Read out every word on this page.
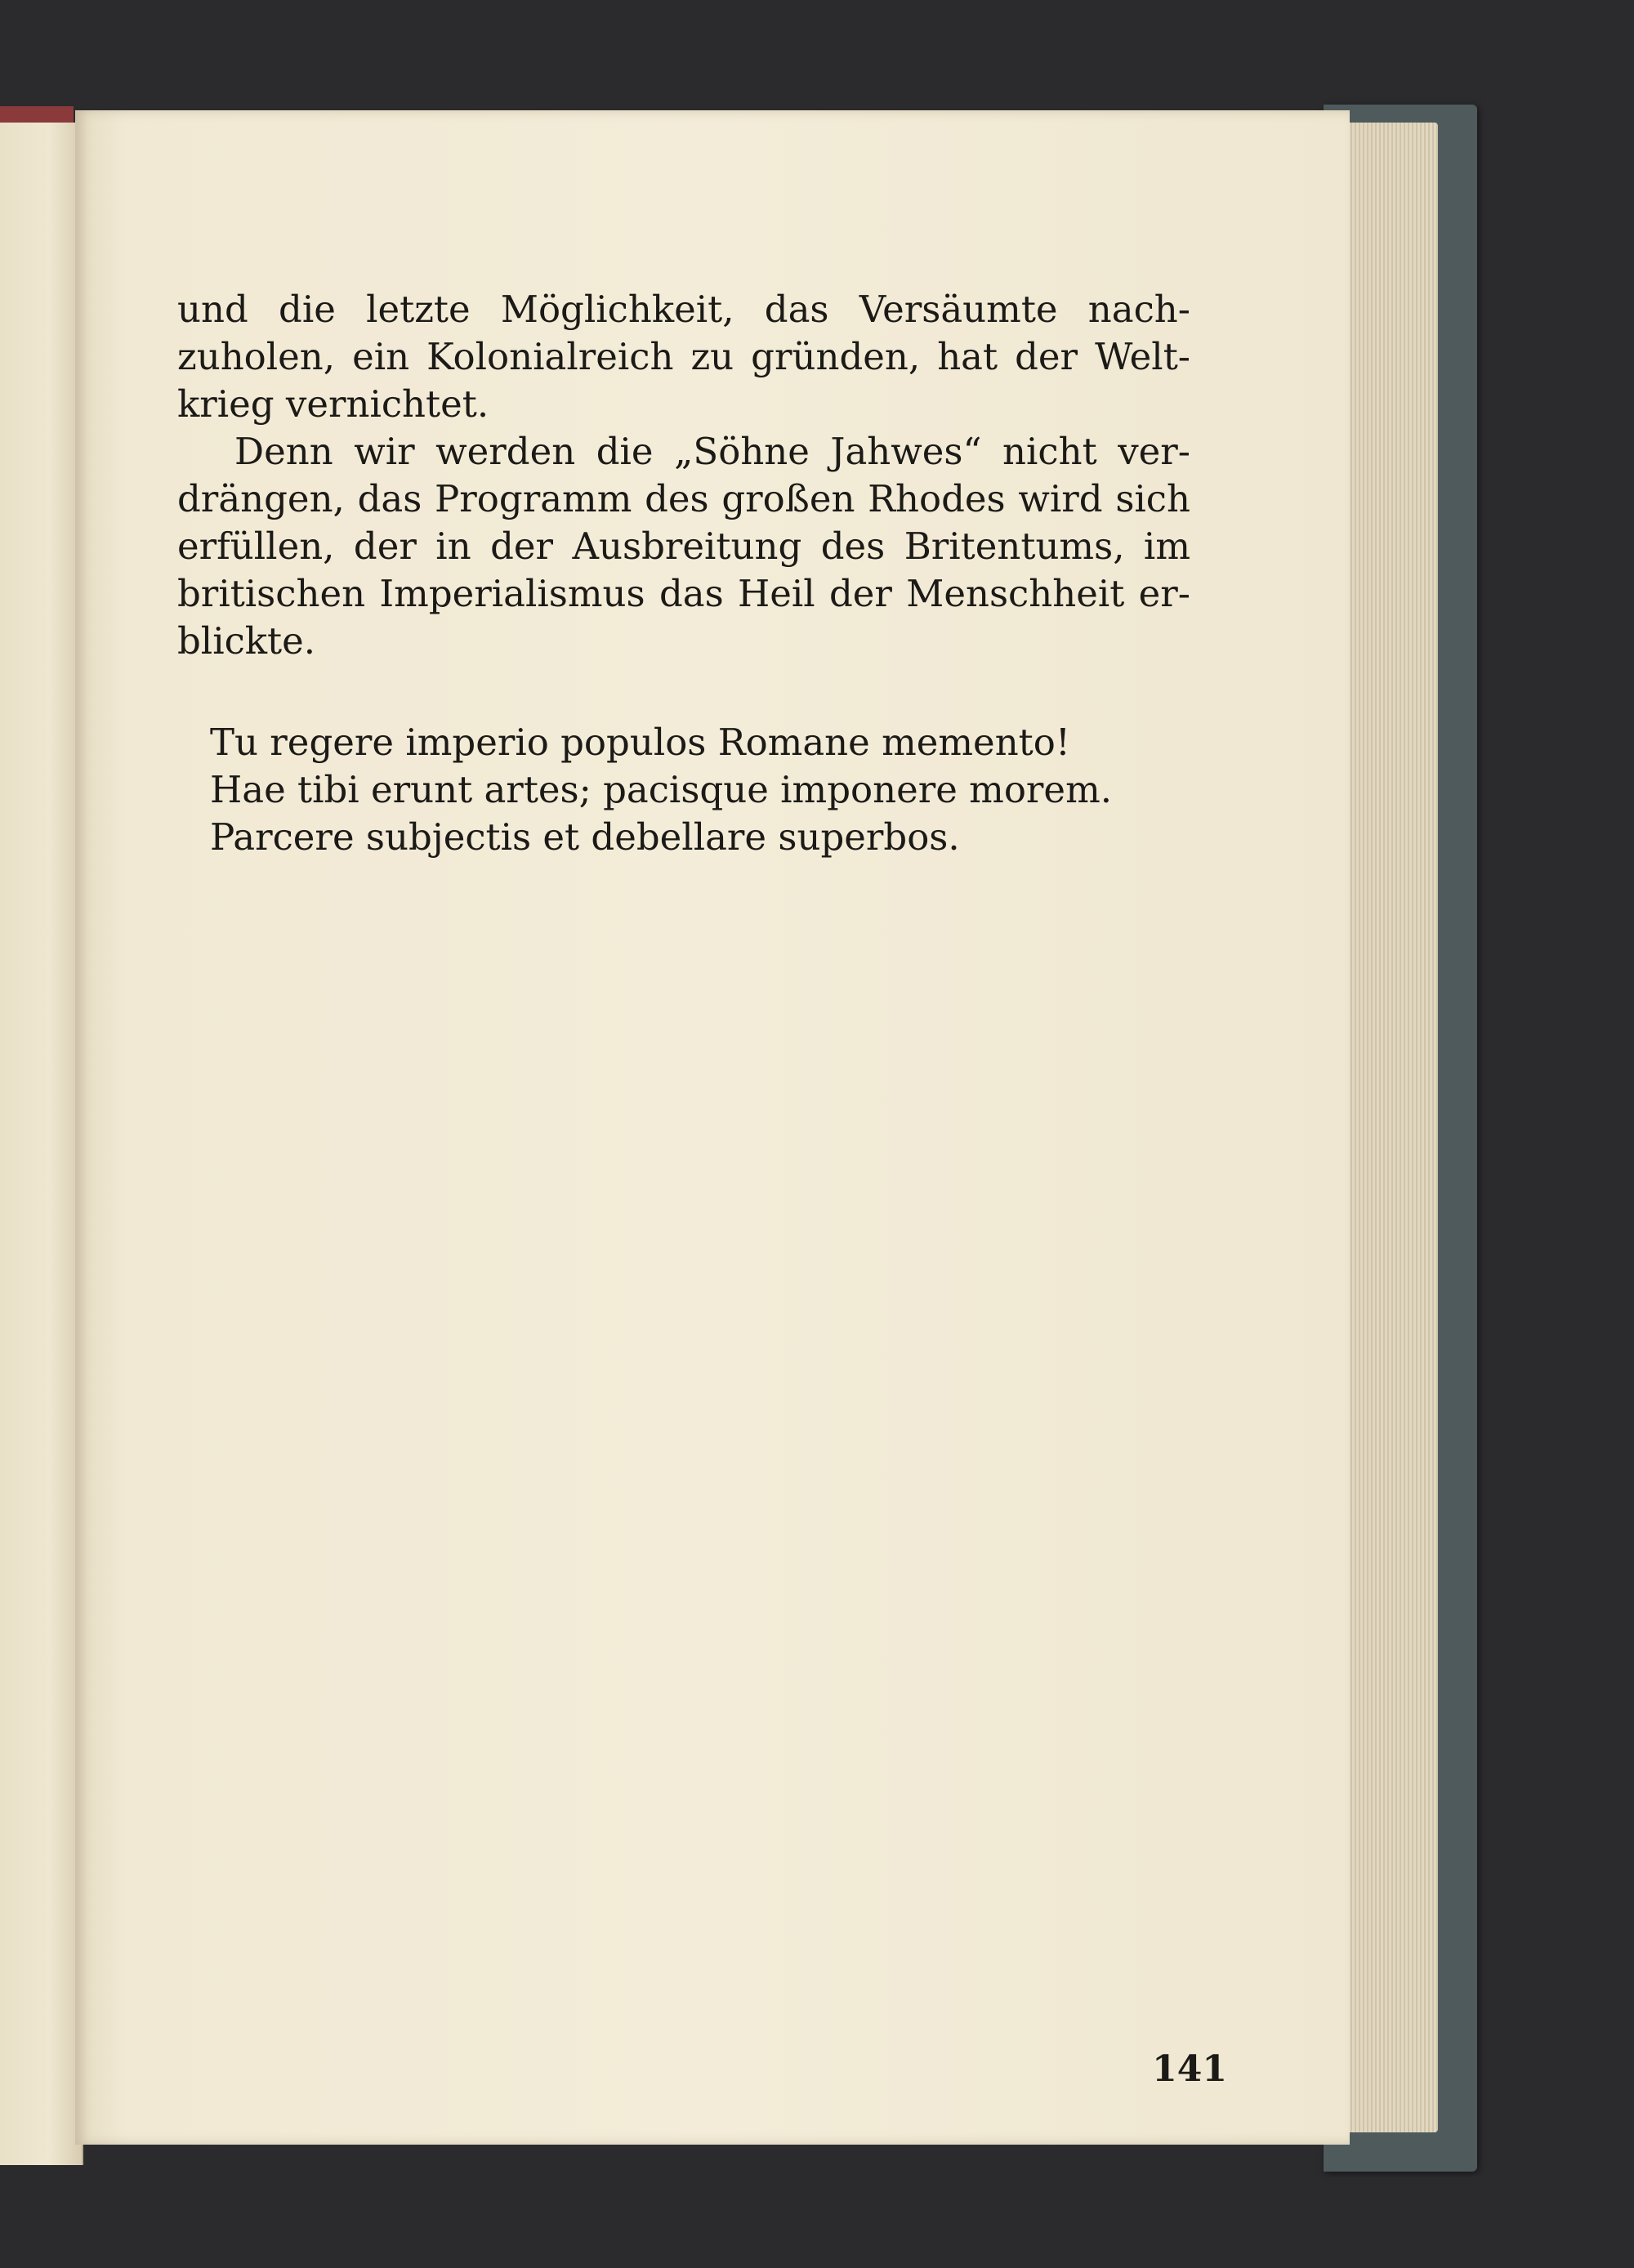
und die letzte Möglichkeit, das Versäumte nach-
zuholen, ein Kolonialreich zu gründen, hat der Welt-
krieg vernichtet.

Denn wir werden die „Söhne Jahwes“ nicht ver-
drängen, das Programm des großen Rhodes wird sich
erfüllen, der in der Ausbreitung des Britentums, im
britischen Imperialismus das Heil der Menschheit er-
blickte.

Tu regere imperio populos Romane memento!
Hae tibi erunt artes; pacisque imponere morem.
Parcere subjectis et debellare superbos.
141
